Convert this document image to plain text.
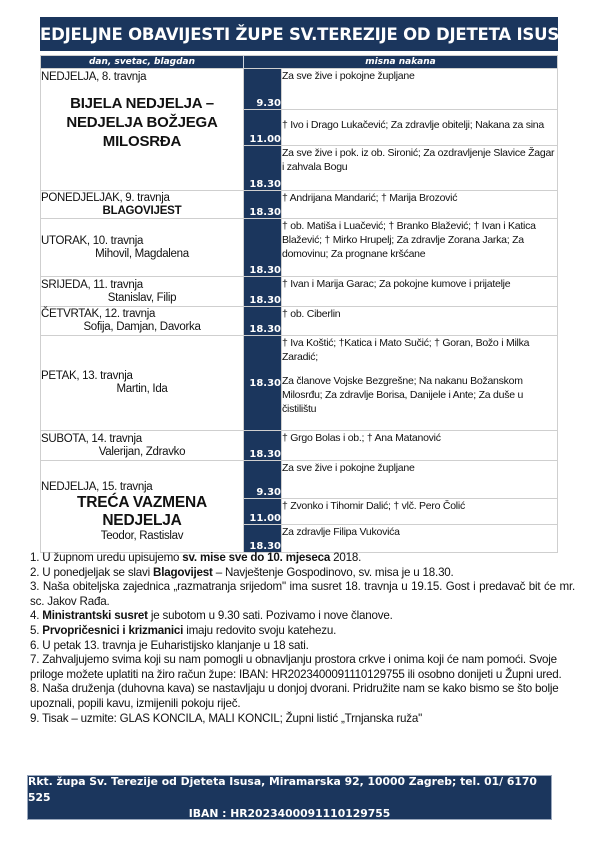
NEDJELJNE OBAVIJESTI ŽUPE SV.TEREZIJE OD DJETETA ISUSA
dan, svetac, blagdan	misna nakana	

NEDJELJA, 8. travnja
BIJELA NEDJELJA –
NEDJELJA BOŽJEGA
MILOSRĐA	9.30	Za sve žive i pokojne župljane
	11.00	† Ivo i Drago Lukačević; Za zdravlje obitelji; Nakana za sina
	18.30	Za sve žive i pok. iz ob. Sironić; Za ozdravljenje Slavice Žagar i zahvala Bogu

PONEDJELJAK, 9. travnja
BLAGOVIJEST	18.30	† Andrijana Mandarić; † Marija Brozović

UTORAK, 10. travnja
Mihovil, Magdalena	18.30	† ob. Matiša i Luačević; † Branko Blažević; † Ivan i Katica Blažević; † Mirko Hrupelj; Za zdravlje Zorana Jarka; Za domovinu; Za prognane kršćane

SRIJEDA, 11. travnja
Stanislav, Filip	18.30	† Ivan i Marija Garac; Za pokojne kumove i prijatelje

ČETVRTAK, 12. travnja
Sofija, Damjan, Davorka	18.30	† ob. Ciberlin

PETAK, 13. travnja
Martin, Ida	18.30	† Iva Koštić; †Katica i Mato Sučić; † Goran, Božo i Milka Zaradić;
Za članove Vojske Bezgrešne; Na nakanu Božanskom Milosrđu; Za zdravlje Borisa, Danijele i Ante; Za duše u čistilištu

SUBOTA, 14. travnja
Valerijan, Zdravko	18.30	† Grgo Bolas i ob.; † Ana Matanović

NEDJELJA, 15. travnja
TREĆA VAZMENA NEDJELJA
Teodor, Rastislav	9.30	Za sve žive i pokojne župljane
	11.00	† Zvonko i Tihomir Dalić; † vlč. Pero Čolić
	18.30	Za zdravlje Filipa Vukovića

1. U župnom uredu upisujemo sv. mise sve do 10. mjeseca 2018.

2. U ponedjeljak se slavi Blagovijest – Navještenje Gospodinovo, sv. misa je u 18.30.

3. Naša obiteljska zajednica „razmatranja srijedom" ima susret 18. travnja u 19.15. Gost i predavač bit će mr. sc. Jakov Rađa.

4. Ministrantski susret je subotom u 9.30 sati. Pozivamo i nove članove.

5. Prvopričesnici i krizmanici imaju redovito svoju katehezu.

6. U petak 13. travnja je Euharistijsko klanjanje u 18 sati.

7. Zahvaljujemo svima koji su nam pomogli u obnavljanju prostora crkve i onima koji će nam pomoći. Svoje priloge možete uplatiti na žiro račun župe: IBAN: HR2023400091110129755 ili osobno donijeti u Župni ured.

8. Naša druženja (duhovna kava) se nastavljaju u donjoj dvorani. Pridružite nam se kako bismo se što bolje upoznali, popili kavu, izmijenili pokoju riječ.

9. Tisak – uzmite: GLAS KONCILA, MALI KONCIL; Župni listić „Trnjanska ruža"

Rkt. župa Sv. Terezije od Djeteta Isusa, Miramarska 92, 10000 Zagreb; tel. 01/ 6170 525
IBAN : HR2023400091110129755
